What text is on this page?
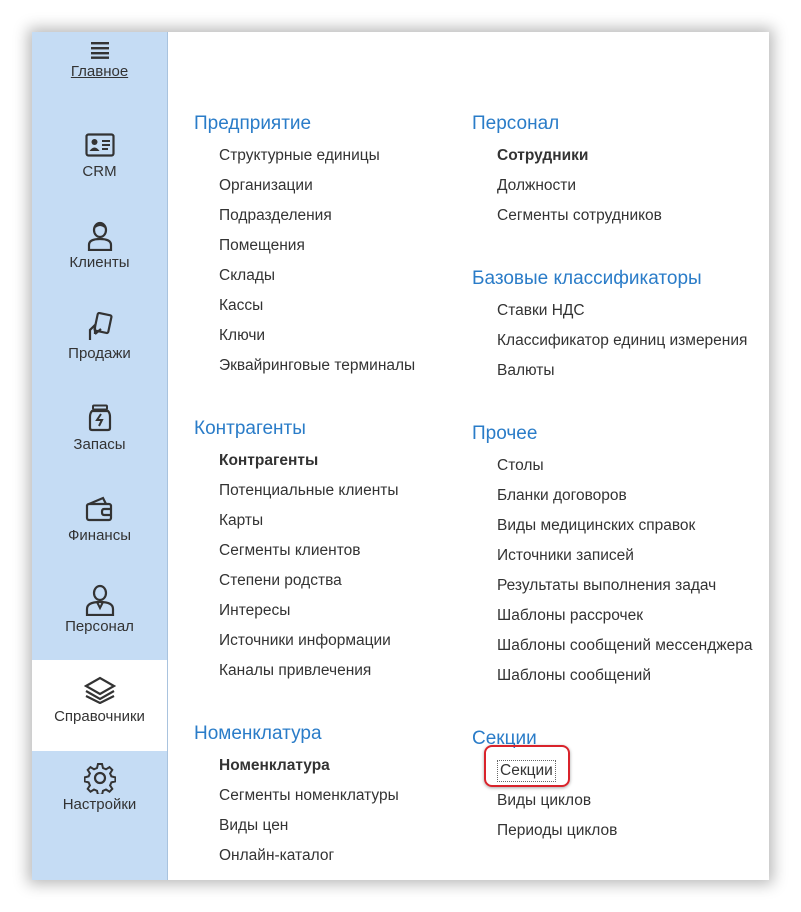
Главное
CRM
Клиенты
Продажи
Запасы
Финансы
Персонал
Справочники
Настройки
Предприятие
Структурные единицы
Организации
Подразделения
Помещения
Склады
Кассы
Ключи
Эквайринговые терминалы
Контрагенты
Контрагенты
Потенциальные клиенты
Карты
Сегменты клиентов
Степени родства
Интересы
Источники информации
Каналы привлечения
Номенклатура
Номенклатура
Сегменты номенклатуры
Виды цен
Онлайн-каталог
Персонал
Сотрудники
Должности
Сегменты сотрудников
Базовые классификаторы
Ставки НДС
Классификатор единиц измерения
Валюты
Прочее
Столы
Бланки договоров
Виды медицинских справок
Источники записей
Результаты выполнения задач
Шаблоны рассрочек
Шаблоны сообщений мессенджера
Шаблоны сообщений
Секции
Секции
Виды циклов
Периоды циклов
